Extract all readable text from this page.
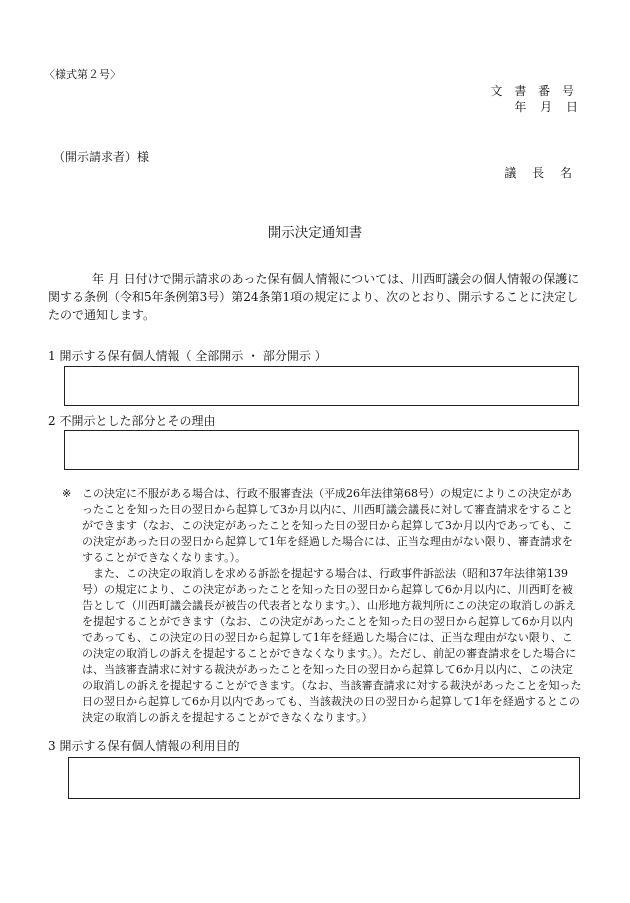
〈様式第２号〉
文 書 番 号
年 月 日
（開示請求者）様
議 長 名
開示決定通知書
年 月 日付けで開示請求のあった保有個人情報については、川西町議会の個人情報の保護に関する条例（令和5年条例第3号）第24条第1項の規定により、次のとおり、開示することに決定したので通知します。
1 開示する保有個人情報（ 全部開示 ・ 部分開示 ）
2 不開示とした部分とその理由

※ この決定に不服がある場合は、行政不服審査法（平成26年法律第68号）の規定によりこの決定があったことを知った日の翌日から起算して3か月以内に、川西町議会議長に対して審査請求をすることができます（なお、この決定があったことを知った日の翌日から起算して3か月以内であっても、この決定があった日の翌日から起算して1年を経過した場合には、正当な理由がない限り、審査請求をすることができなくなります。）。

また、この決定の取消しを求める訴訟を提起する場合は、行政事件訴訟法（昭和37年法律第139号）の規定により、この決定があったことを知った日の翌日から起算して6か月以内に、川西町を被告として（川西町議会議長が被告の代表者となります。）、山形地方裁判所にこの決定の取消しの訴えを提起することができます（なお、この決定があったことを知った日の翌日から起算して6か月以内であっても、この決定の日の翌日から起算して1年を経過した場合には、正当な理由がない限り、この決定の取消しの訴えを提起することができなくなります。）。ただし、前記の審査請求をした場合には、当該審査請求に対する裁決があったことを知った日の翌日から起算して6か月以内に、この決定の取消しの訴えを提起することができます。（なお、当該審査請求に対する裁決があったことを知った日の翌日から起算して6か月以内であっても、当該裁決の日の翌日から起算して1年を経過するとこの決定の取消しの訴えを提起することができなくなります。）

3 開示する保有個人情報の利用目的
